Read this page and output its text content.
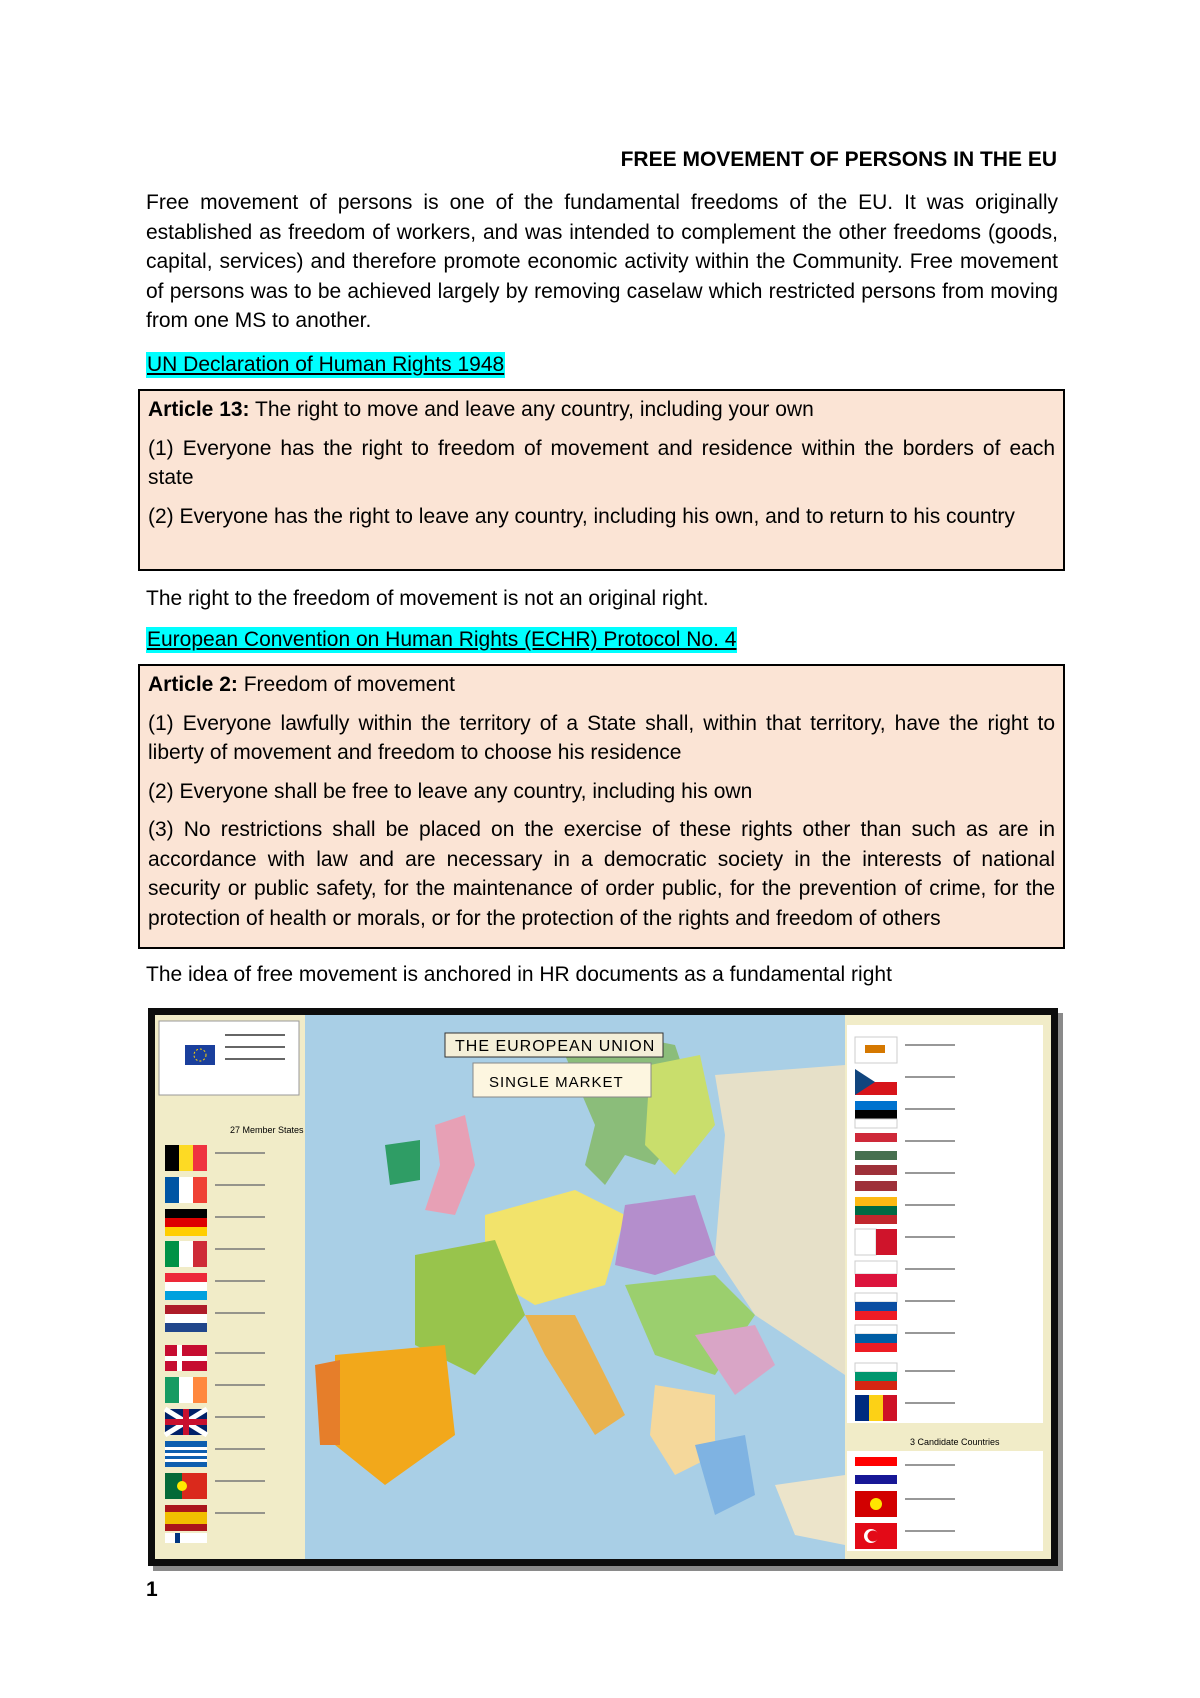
FREE MOVEMENT OF PERSONS IN THE EU
Free movement of persons is one of the fundamental freedoms of the EU. It was originally established as freedom of workers, and was intended to complement the other freedoms (goods, capital, services) and therefore promote economic activity within the Community. Free movement of persons was to be achieved largely by removing caselaw which restricted persons from moving from one MS to another.
UN Declaration of Human Rights 1948

Article 13: The right to move and leave any country, including your own

(1) Everyone has the right to freedom of movement and residence within the borders of each state

(2) Everyone has the right to leave any country, including his own, and to return to his country

The right to the freedom of movement is not an original right.
European Convention on Human Rights (ECHR) Protocol No. 4

Article 2: Freedom of movement

(1) Everyone lawfully within the territory of a State shall, within that territory, have the right to liberty of movement and freedom to choose his residence

(2) Everyone shall be free to leave any country, including his own

(3) No restrictions shall be placed on the exercise of these rights other than such as are in accordance with law and are necessary in a democratic society in the interests of national security or public safety, for the maintenance of order public, for the prevention of crime, for the protection of health or morals, or for the protection of the rights and freedom of others

The idea of free movement is anchored in HR documents as a fundamental right
27 Member States
THE EUROPEAN UNION
SINGLE MARKET
3 Candidate Countries
1
